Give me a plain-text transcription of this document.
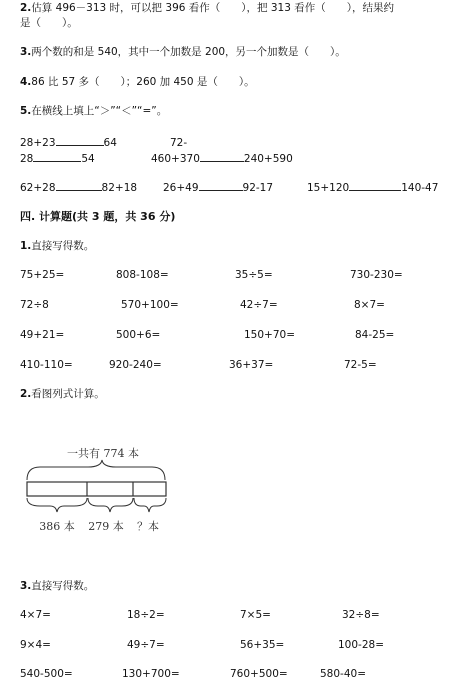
2.估算 496－313 时，可以把 396 看作（　　），把 313 看作（　　），结果约
是（　　）。
3.两个数的和是 540，其中一个加数是 200，另一个加数是（　　）。
4.86 比 57 多（　　）；260 加 450 是（　　）。
5.在横线上填上“＞”“＜”“=”。
28+23	64	72-
28	54	460+370	240+590
62+28	82+18 26+49	92-17	15+120	140-47
四. 计算题(共 3 题，共 36 分)
1.直接写得数。
75+25=	808-108=	35÷5=	730-230=
72÷8	570+100=	42÷7=	8×7=
49+21=	500+6=	150+70=	84-25=
410-110=	920-240=	36+37=	72-5=
2.看图列式计算。
一共有 774 本
386 本 279 本 ？本
3.直接写得数。
4×7=	18÷2=	7×5=	32÷8=
9×4=	49÷7=	56+35=	100-28=
540-500=	130+700=	760+500=	580-40=
